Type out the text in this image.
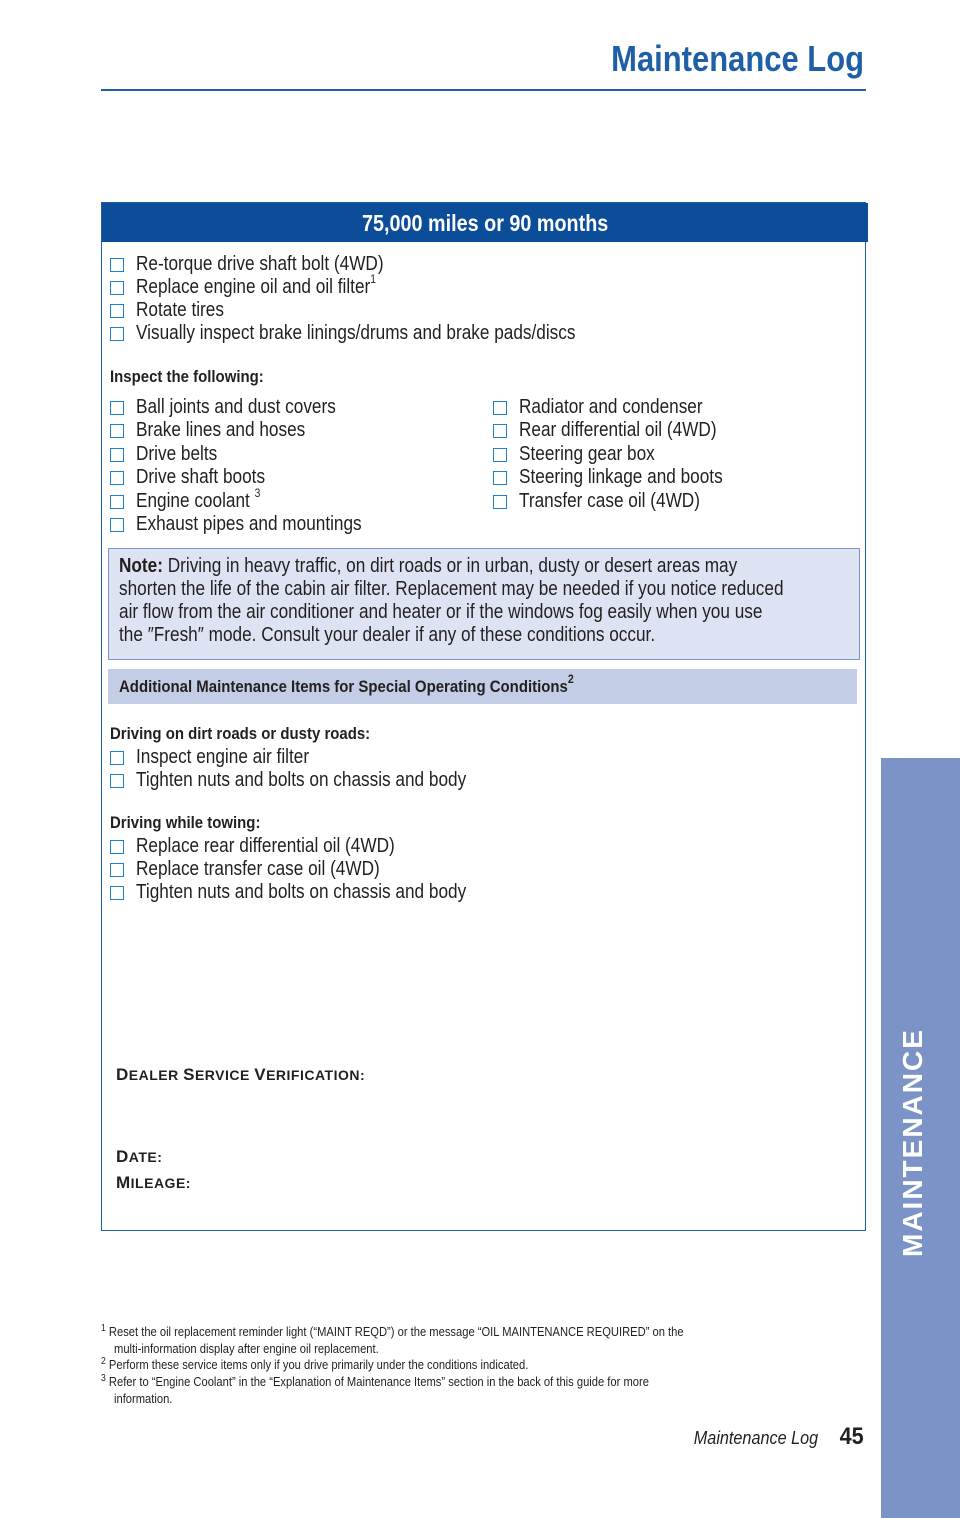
Maintenance Log
MAINTENANCE
75,000 miles or 90 months
Re-torque drive shaft bolt (4WD)
Replace engine oil and oil filter$^1$
Rotate tires
Visually inspect brake linings/drums and brake pads/discs
Inspect the following:
Ball joints and dust covers
Brake lines and hoses
Drive belts
Drive shaft boots
Engine coolant $^3$
Exhaust pipes and mountings
Radiator and condenser
Rear differential oil (4WD)
Steering gear box
Steering linkage and boots
Transfer case oil (4WD)
Note: Driving in heavy traffic, on dirt roads or in urban, dusty or desert areas may
shorten the life of the cabin air filter. Replacement may be needed if you notice reduced
air flow from the air conditioner and heater or if the windows fog easily when you use
the ″Fresh″ mode. Consult your dealer if any of these conditions occur.
Additional Maintenance Items for Special Operating Conditions$^2$
Driving on dirt roads or dusty roads:
Inspect engine air filter
Tighten nuts and bolts on chassis and body
Driving while towing:
Replace rear differential oil (4WD)
Replace transfer case oil (4WD)
Tighten nuts and bolts on chassis and body
DEALER SERVICE VERIFICATION:
DATE:
MILEAGE:
$^1$ Reset the oil replacement reminder light (“MAINT REQD”) or the message “OIL MAINTENANCE REQUIRED” on the
multi-information display after engine oil replacement.
$^2$ Perform these service items only if you drive primarily under the conditions indicated.
$^3$ Refer to “Engine Coolant” in the “Explanation of Maintenance Items” section in the back of this guide for more
information.
Maintenance Log 45
